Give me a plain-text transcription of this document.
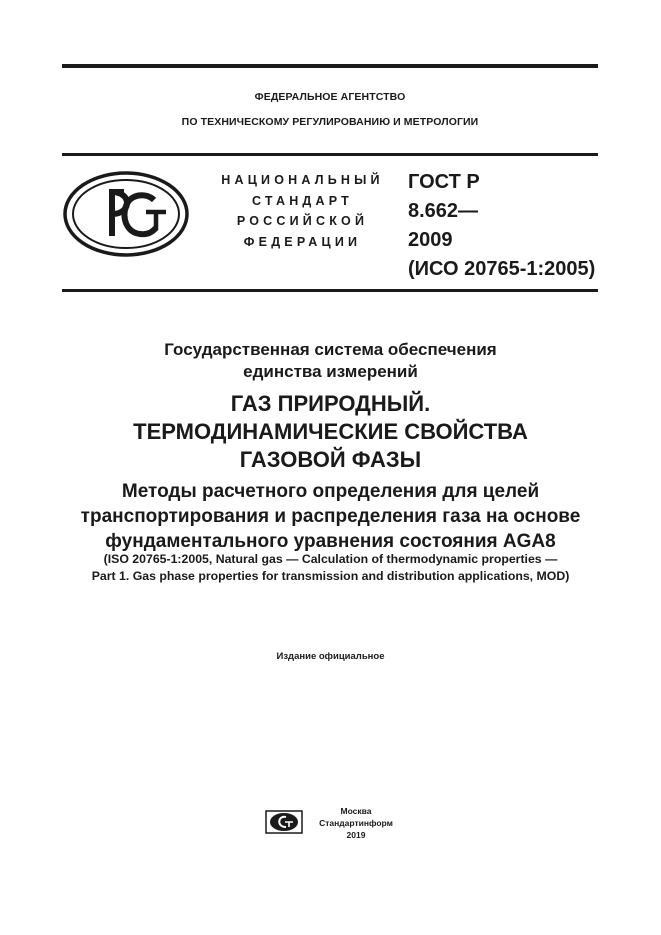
ФЕДЕРАЛЬНОЕ АГЕНТСТВО
ПО ТЕХНИЧЕСКОМУ РЕГУЛИРОВАНИЮ И МЕТРОЛОГИИ
НАЦИОНАЛЬНЫЙ
СТАНДАРТ
РОССИЙСКОЙ
ФЕДЕРАЦИИ
ГОСТ Р
8.662—
2009
(ИСО 20765-1:2005)
Государственная система обеспечения
единства измерений
ГАЗ ПРИРОДНЫЙ.
ТЕРМОДИНАМИЧЕСКИЕ СВОЙСТВА
ГАЗОВОЙ ФАЗЫ
Методы расчетного определения для целей
транспортирования и распределения газа на основе
фундаментального уравнения состояния AGA8
(ISO 20765-1:2005, Natural gas — Calculation of thermodynamic properties —
Part 1. Gas phase properties for transmission and distribution applications, MOD)
Издание официальное
Москва
Стандартинформ
2019
